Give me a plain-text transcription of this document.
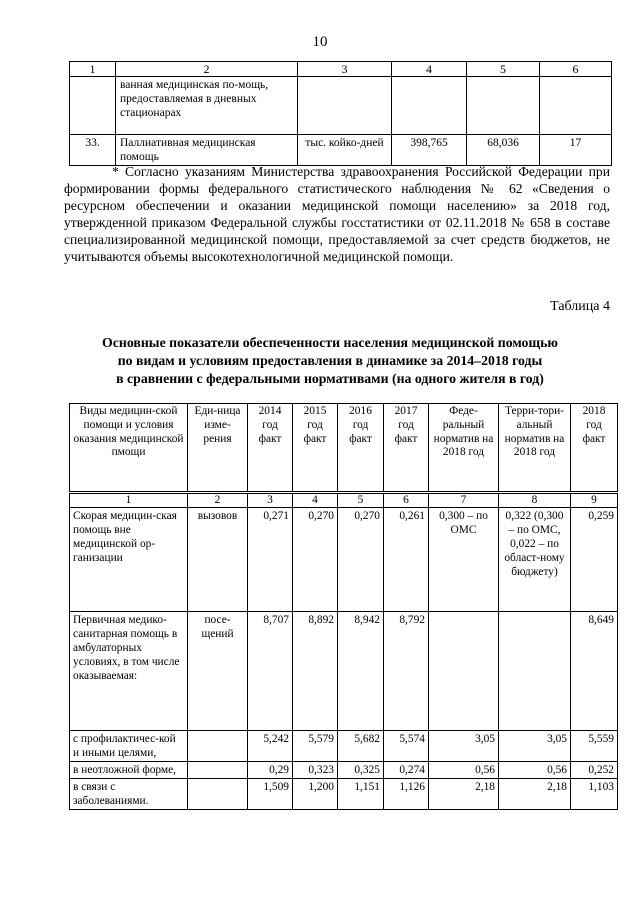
10
1	2	3	4	5	6
	ванная медицинская по-мощь, предоставляемая в дневных стационарах				
33.	Паллиативная медицинская помощь	тыс. койко-дней	398,765	68,036	17

* Согласно указаниям Министерства здравоохранения Российской Федерации при формировании формы федерального статистического наблюдения № 62 «Сведения о ресурсном обеспечении и оказании медицинской помощи населению» за 2018 год, утвержденной приказом Федеральной службы госстатистики от 02.11.2018 № 658 в составе специализированной медицинской помощи, предоставляемой за счет средств бюджетов, не учитываются объемы высокотехнологичной медицинской помощи.

Таблица 4
Основные показатели обеспеченности населения медицинской помощью
по видам и условиям предоставления в динамике за 2014–2018 годы
в сравнении с федеральными нормативами (на одного жителя в год)
Виды медицин-ской помощи и условия оказания медицинской пмощи	Еди-ница изме-рения	2014 год факт	2015 год факт	2016 год факт	2017 год факт	Феде-ральный норматив на 2018 год	Терри-тори-альный норматив на 2018 год	2018 год факт
1	2	3	4	5	6	7	8	9
Скорая медицин-ская помощь вне медицинской ор-ганизации	вызовов	0,271	0,270	0,270	0,261	0,300 – по ОМС	0,322 (0,300 – по ОМС, 0,022 – по област-ному бюджету)	0,259
Первичная медико-санитарная помощь в амбулаторных условиях, в том числе оказываемая:	посе-щений	8,707	8,892	8,942	8,792			8,649
с профилактичес-кой и иными целями,		5,242	5,579	5,682	5,574	3,05	3,05	5,559
в неотложной форме,		0,29	0,323	0,325	0,274	0,56	0,56	0,252
в связи с заболеваниями.		1,509	1,200	1,151	1,126	2,18	2,18	1,103
